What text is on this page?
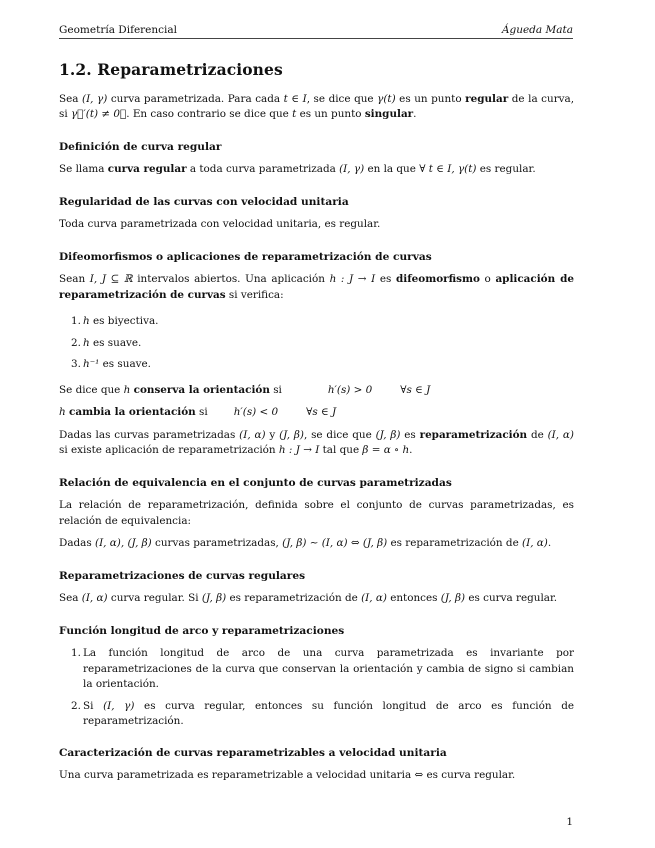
Geometría Diferencial	Águeda Mata
1.2. Reparametrizaciones

Sea (I, γ) curva parametrizada. Para cada t ∈ I, se dice que γ(t) es un punto regular de la curva, si γ⃗′(t) ≠ 0⃗. En caso contrario se dice que t es un punto singular.

Definición de curva regular

Se llama curva regular a toda curva parametrizada (I, γ) en la que ∀ t ∈ I, γ(t) es regular.

Regularidad de las curvas con velocidad unitaria

Toda curva parametrizada con velocidad unitaria, es regular.

Difeomorfismos o aplicaciones de reparametrización de curvas

Sean I, J ⊆ ℝ intervalos abiertos. Una aplicación h : J → I es difeomorfismo o aplicación de reparametrización de curvas si verifica:

1. h es biyectiva.
2. h es suave.
3. h⁻¹ es suave.

Se dice que h conserva la orientación si	h′(s) > 0	∀s ∈ J

h cambia la orientación si	h′(s) < 0	∀s ∈ J

Dadas las curvas parametrizadas (I, α) y (J, β), se dice que (J, β) es reparametrización de (I, α) si existe aplicación de reparametrización h : J → I tal que β = α ∘ h.

Relación de equivalencia en el conjunto de curvas parametrizadas

La relación de reparametrización, definida sobre el conjunto de curvas parametrizadas, es relación de equivalencia:

Dadas (I, α), (J, β) curvas parametrizadas, (J, β) ∼ (I, α) ⇔ (J, β) es reparametrización de (I, α).

Reparametrizaciones de curvas regulares

Sea (I, α) curva regular. Si (J, β) es reparametrización de (I, α) entonces (J, β) es curva regular.

Función longitud de arco y reparametrizaciones
1. La función longitud de arco de una curva parametrizada es invariante por reparametrizaciones de la curva que conservan la orientación y cambia de signo si cambian la orientación.
2. Si (I, γ) es curva regular, entonces su función longitud de arco es función de reparametrización.
Caracterización de curvas reparametrizables a velocidad unitaria

Una curva parametrizada es reparametrizable a velocidad unitaria ⇔ es curva regular.

1
